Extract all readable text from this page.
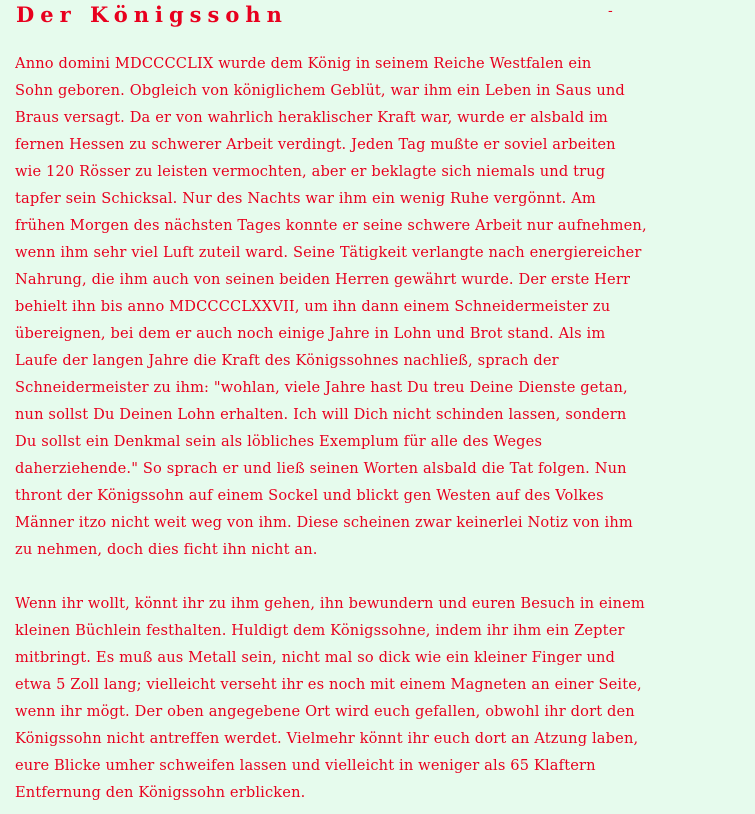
Der Königssohn	-

Anno domini MDCCCCLIX wurde dem König in seinem Reiche Westfalen ein
Sohn geboren. Obgleich von königlichem Geblüt, war ihm ein Leben in Saus und
Braus versagt. Da er von wahrlich heraklischer Kraft war, wurde er alsbald im
fernen Hessen zu schwerer Arbeit verdingt. Jeden Tag mußte er soviel arbeiten
wie 120 Rösser zu leisten vermochten, aber er beklagte sich niemals und trug
tapfer sein Schicksal. Nur des Nachts war ihm ein wenig Ruhe vergönnt. Am
frühen Morgen des nächsten Tages konnte er seine schwere Arbeit nur aufnehmen,
wenn ihm sehr viel Luft zuteil ward. Seine Tätigkeit verlangte nach energiereicher
Nahrung, die ihm auch von seinen beiden Herren gewährt wurde. Der erste Herr
behielt ihn bis anno MDCCCCLXXVII, um ihn dann einem Schneidermeister zu
übereignen, bei dem er auch noch einige Jahre in Lohn und Brot stand. Als im
Laufe der langen Jahre die Kraft des Königssohnes nachließ, sprach der
Schneidermeister zu ihm: "wohlan, viele Jahre hast Du treu Deine Dienste getan,
nun sollst Du Deinen Lohn erhalten. Ich will Dich nicht schinden lassen, sondern
Du sollst ein Denkmal sein als löbliches Exemplum für alle des Weges
daherziehende." So sprach er und ließ seinen Worten alsbald die Tat folgen. Nun
thront der Königssohn auf einem Sockel und blickt gen Westen auf des Volkes
Männer itzo nicht weit weg von ihm. Diese scheinen zwar keinerlei Notiz von ihm
zu nehmen, doch dies ficht ihn nicht an.

Wenn ihr wollt, könnt ihr zu ihm gehen, ihn bewundern und euren Besuch in einem
kleinen Büchlein festhalten. Huldigt dem Königssohne, indem ihr ihm ein Zepter
mitbringt. Es muß aus Metall sein, nicht mal so dick wie ein kleiner Finger und
etwa 5 Zoll lang; vielleicht verseht ihr es noch mit einem Magneten an einer Seite,
wenn ihr mögt. Der oben angegebene Ort wird euch gefallen, obwohl ihr dort den
Königssohn nicht antreffen werdet. Vielmehr könnt ihr euch dort an Atzung laben,
eure Blicke umher schweifen lassen und vielleicht in weniger als 65 Klaftern
Entfernung den Königssohn erblicken.
